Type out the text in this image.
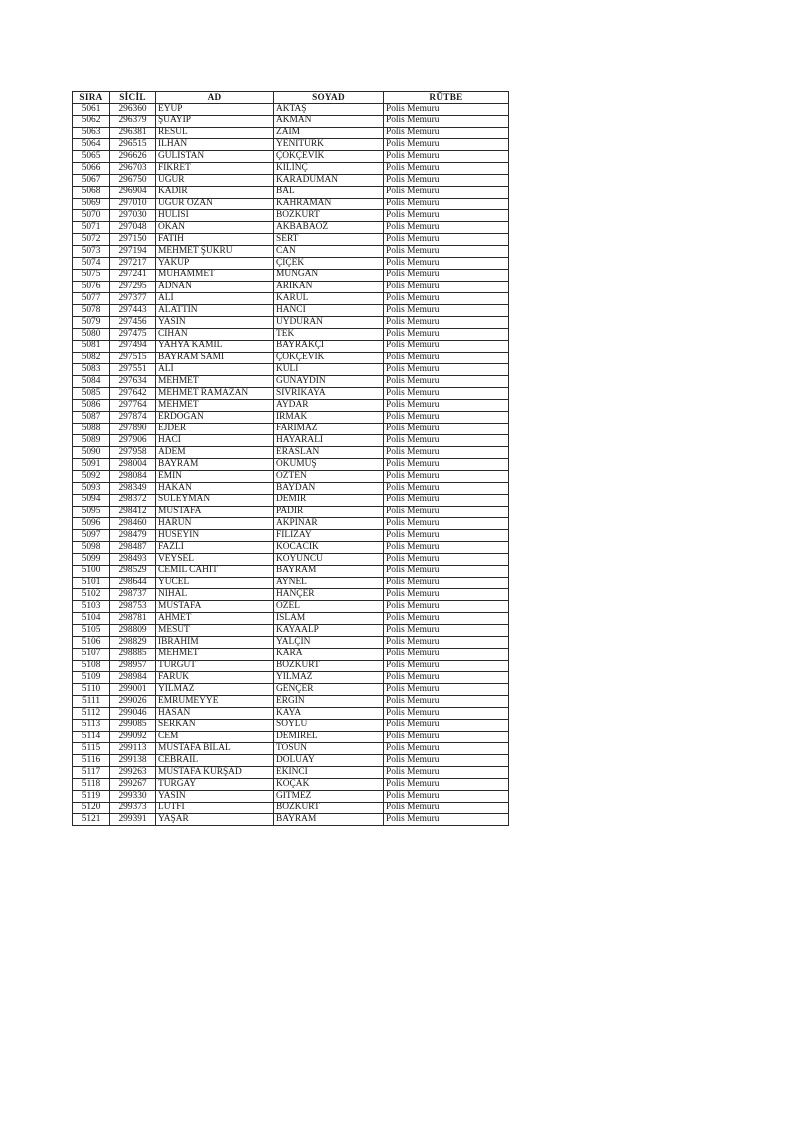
SIRA	SİCİL	AD	SOYAD	RÜTBE
5061	296360	EYUP	AKTAŞ	Polis Memuru
5062	296379	ŞUAYIP	AKMAN	Polis Memuru
5063	296381	RESUL	ZAIM	Polis Memuru
5064	296515	İLHAN	YENİTÜRK	Polis Memuru
5065	296626	GÜLİSTAN	ÇOKÇEVİK	Polis Memuru
5066	296703	FİKRET	KILINÇ	Polis Memuru
5067	296750	UĞUR	KARADUMAN	Polis Memuru
5068	296904	KADİR	BAL	Polis Memuru
5069	297010	UĞUR OZAN	KAHRAMAN	Polis Memuru
5070	297030	HULİSİ	BOZKURT	Polis Memuru
5071	297048	OKAN	AKBABAÖZ	Polis Memuru
5072	297150	FATİH	SERT	Polis Memuru
5073	297194	MEHMET ŞÜKRÜ	CAN	Polis Memuru
5074	297217	YAKUP	ÇİÇEK	Polis Memuru
5075	297241	MUHAMMET	MUNĞAN	Polis Memuru
5076	297295	ADNAN	ARIKAN	Polis Memuru
5077	297377	ALİ	KARUL	Polis Memuru
5078	297443	ALATTİN	HANCI	Polis Memuru
5079	297456	YASİN	UYDURAN	Polis Memuru
5080	297475	CİHAN	TEK	Polis Memuru
5081	297494	YAHYA KAMİL	BAYRAKÇI	Polis Memuru
5082	297515	BAYRAM SAMİ	ÇOKÇEVİK	Polis Memuru
5083	297551	ALİ	KULİ	Polis Memuru
5084	297634	MEHMET	GÜNAYDIN	Polis Memuru
5085	297642	MEHMET RAMAZAN	SİVRİKAYA	Polis Memuru
5086	297764	MEHMET	AYDAR	Polis Memuru
5087	297874	ERDOĞAN	IRMAK	Polis Memuru
5088	297890	EJDER	FARIMAZ	Polis Memuru
5089	297906	HACI	HAYARALI	Polis Memuru
5090	297958	ADEM	ERASLAN	Polis Memuru
5091	298004	BAYRAM	OKUMUŞ	Polis Memuru
5092	298084	EMİN	ÖZTEN	Polis Memuru
5093	298349	HAKAN	BAYDAN	Polis Memuru
5094	298372	SÜLEYMAN	DEMİR	Polis Memuru
5095	298412	MUSTAFA	PADIR	Polis Memuru
5096	298460	HARUN	AKPINAR	Polis Memuru
5097	298479	HÜSEYİN	FİLİZAY	Polis Memuru
5098	298487	FAZLI	KOCACIK	Polis Memuru
5099	298493	VEYSEL	KOYUNCU	Polis Memuru
5100	298529	CEMİL CAHİT	BAYRAM	Polis Memuru
5101	298644	YÜCEL	AYNEL	Polis Memuru
5102	298737	NİHAL	HANÇER	Polis Memuru
5103	298753	MUSTAFA	ÖZEL	Polis Memuru
5104	298781	AHMET	İSLAM	Polis Memuru
5105	298809	MESUT	KAYAALP	Polis Memuru
5106	298829	İBRAHİM	YALÇIN	Polis Memuru
5107	298885	MEHMET	KARA	Polis Memuru
5108	298957	TURGUT	BOZKURT	Polis Memuru
5109	298984	FARUK	YILMAZ	Polis Memuru
5110	299001	YILMAZ	GENÇER	Polis Memuru
5111	299026	EMRÜMEYYE	ERGİN	Polis Memuru
5112	299046	HASAN	KAYA	Polis Memuru
5113	299085	SERKAN	SOYLU	Polis Memuru
5114	299092	CEM	DEMİREL	Polis Memuru
5115	299113	MUSTAFA BİLAL	TOSUN	Polis Memuru
5116	299138	CEBRAİL	DOLUAY	Polis Memuru
5117	299263	MUSTAFA KÜRŞAD	EKİNCİ	Polis Memuru
5118	299267	TURGAY	KOÇAK	Polis Memuru
5119	299330	YASİN	GİTMEZ	Polis Memuru
5120	299373	LÜTFİ	BOZKURT	Polis Memuru
5121	299391	YAŞAR	BAYRAM	Polis Memuru
